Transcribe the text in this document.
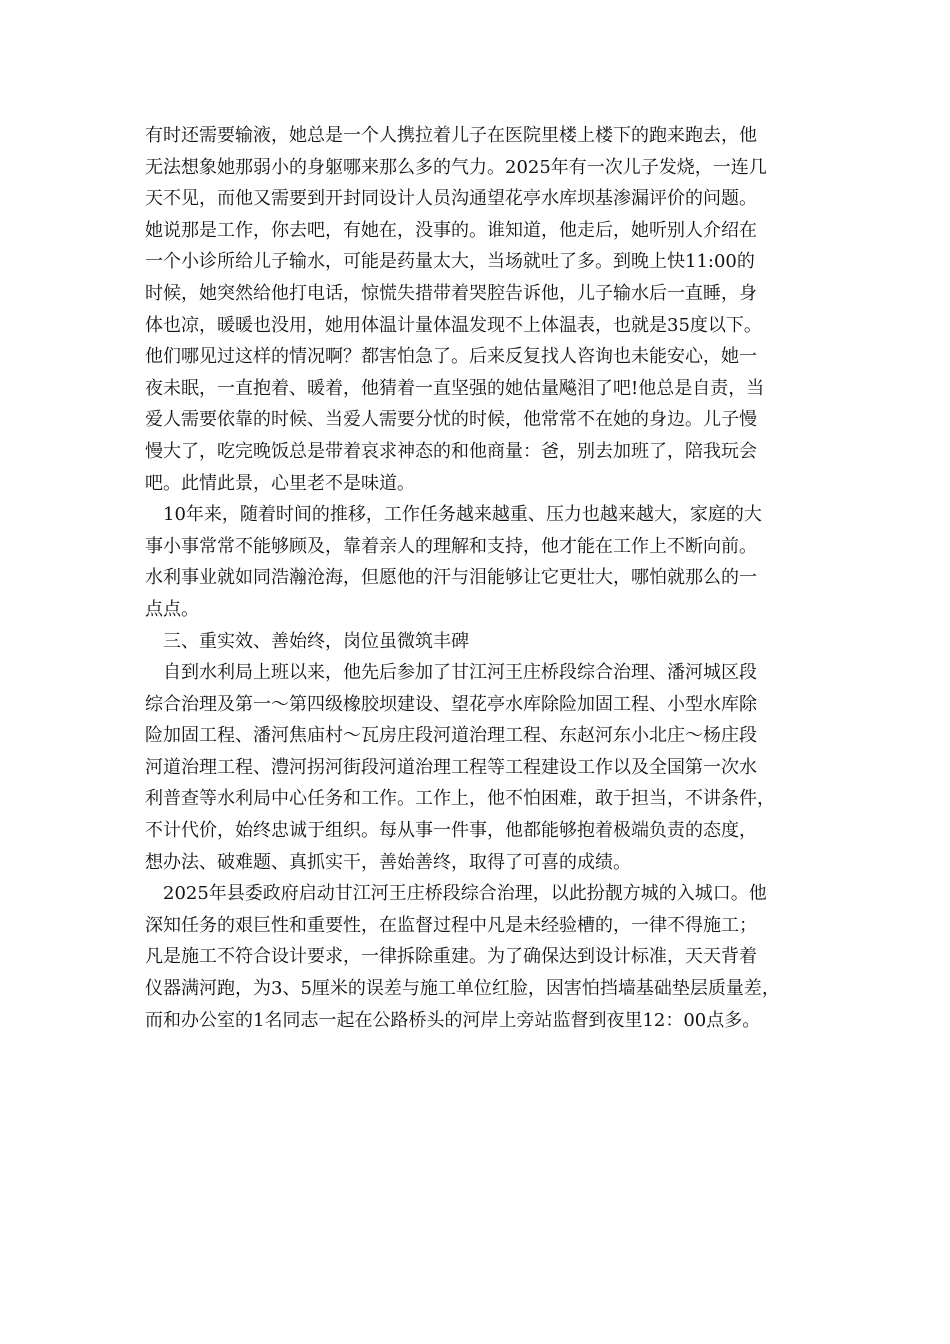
有时还需要输液，她总是一个人携拉着儿子在医院里楼上楼下的跑来跑去，他
无法想象她那弱小的身躯哪来那么多的气力。2025年有一次儿子发烧，一连几
天不见，而他又需要到开封同设计人员沟通望花亭水库坝基渗漏评价的问题。
她说那是工作，你去吧，有她在，没事的。谁知道，他走后，她听别人介绍在
一个小诊所给儿子输水，可能是药量太大，当场就吐了多。到晚上快11:00的
时候，她突然给他打电话，惊慌失措带着哭腔告诉他，儿子输水后一直睡，身
体也凉，暖暖也没用，她用体温计量体温发现不上体温表，也就是35度以下。
他们哪见过这样的情况啊？都害怕急了。后来反复找人咨询也未能安心，她一
夜未眠，一直抱着、暖着，他猜着一直坚强的她估量飚泪了吧!他总是自责，当
爱人需要依靠的时候、当爱人需要分忧的时候，他常常不在她的身边。儿子慢
慢大了，吃完晚饭总是带着哀求神态的和他商量：爸，别去加班了，陪我玩会
吧。此情此景，心里老不是味道。
10年来，随着时间的推移，工作任务越来越重、压力也越来越大，家庭的大
事小事常常不能够顾及，靠着亲人的理解和支持，他才能在工作上不断向前。
水利事业就如同浩瀚沧海，但愿他的汗与泪能够让它更壮大，哪怕就那么的一
点点。
三、重实效、善始终，岗位虽微筑丰碑
自到水利局上班以来，他先后参加了甘江河王庄桥段综合治理、潘河城区段
综合治理及第一～第四级橡胶坝建设、望花亭水库除险加固工程、小型水库除
险加固工程、潘河焦庙村～瓦房庄段河道治理工程、东赵河东小北庄～杨庄段
河道治理工程、澧河拐河街段河道治理工程等工程建设工作以及全国第一次水
利普查等水利局中心任务和工作。工作上，他不怕困难，敢于担当，不讲条件，
不计代价，始终忠诚于组织。每从事一件事，他都能够抱着极端负责的态度，
想办法、破难题、真抓实干，善始善终，取得了可喜的成绩。
2025年县委政府启动甘江河王庄桥段综合治理，以此扮靓方城的入城口。他
深知任务的艰巨性和重要性，在监督过程中凡是未经验槽的，一律不得施工；
凡是施工不符合设计要求，一律拆除重建。为了确保达到设计标准，天天背着
仪器满河跑，为3、5厘米的误差与施工单位红脸，因害怕挡墙基础垫层质量差，
而和办公室的1名同志一起在公路桥头的河岸上旁站监督到夜里12：00点多。
